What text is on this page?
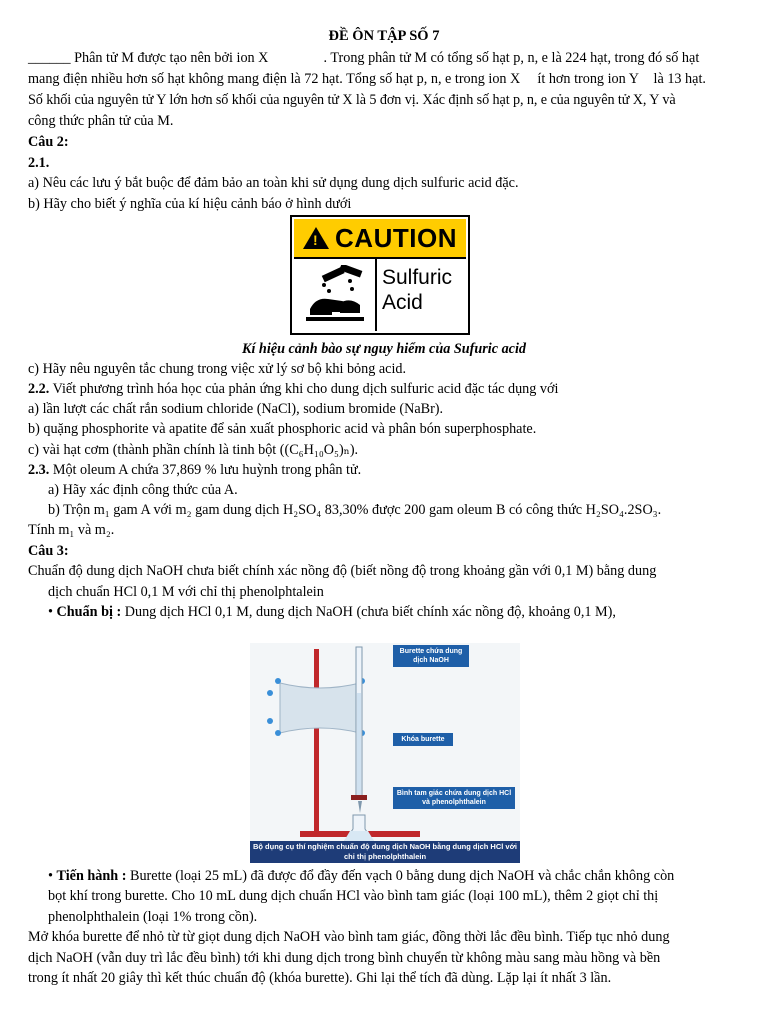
ĐỀ ÔN TẬP SỐ 7
______ Phân tử M được tạo nên bởi ion X	. Trong phân tử M có tổng số hạt p, n, e là 224 hạt, trong đó số hạt
mang điện nhiều hơn số hạt không mang điện là 72 hạt. Tổng số hạt p, n, e trong ion X ít hơn trong ion Y là 13 hạt.
Số khối của nguyên tử Y lớn hơn số khối của nguyên tử X là 5 đơn vị. Xác định số hạt p, n, e của nguyên tử X, Y và
công thức phân tử của M.
Câu 2:
2.1.
a) Nêu các lưu ý bắt buộc để đảm bảo an toàn khi sử dụng dung dịch sulfuric acid đặc.
b) Hãy cho biết ý nghĩa của kí hiệu cảnh báo ở hình dưới
! CAUTION
Sulfuric
Acid
Kí hiệu cảnh bào sự nguy hiểm của Sufuric acid
c) Hãy nêu nguyên tắc chung trong việc xử lý sơ bộ khi bỏng acid.
2.2. Viết phương trình hóa học của phản ứng khi cho dung dịch sulfuric acid đặc tác dụng với
a) lần lượt các chất rắn sodium chloride (NaCl), sodium bromide (NaBr).
b) quặng phosphorite và apatite để sản xuất phosphoric acid và phân bón superphosphate.
c) vài hạt cơm (thành phần chính là tinh bột ((C₆H₁₀O₅)ₙ).
2.3. Một oleum A chứa 37,869 % lưu huỳnh trong phân tử.
a) Hãy xác định công thức của A.
b) Trộn m₁ gam A với m₂ gam dung dịch H₂SO₄ 83,30% được 200 gam oleum B có công thức H₂SO₄.2SO₃.
Tính m₁ và m₂.
Câu 3:
Chuẩn độ dung dịch NaOH chưa biết chính xác nồng độ (biết nồng độ trong khoảng gần với 0,1 M) bằng dung
dịch chuẩn HCl 0,1 M với chỉ thị phenolphtalein
• Chuẩn bị : Dung dịch HCl 0,1 M, dung dịch NaOH (chưa biết chính xác nồng độ, khoảng 0,1 M),
Burette chứa dung dịch NaOH
Khóa burette
Bình tam giác chứa dung dịch HCl và phenolphthalein
Bộ dụng cụ thí nghiệm chuẩn độ dung dịch NaOH bằng dung dịch HCl với chỉ thị phenolphthalein
• Tiến hành : Burette (loại 25 mL) đã được đổ đầy đến vạch 0 bằng dung dịch NaOH và chắc chắn không còn
bọt khí trong burette. Cho 10 mL dung dịch chuẩn HCl vào bình tam giác (loại 100 mL), thêm 2 giọt chỉ thị
phenolphthalein (loại 1% trong cồn).
Mở khóa burette để nhỏ từ từ giọt dung dịch NaOH vào bình tam giác, đồng thời lắc đều bình. Tiếp tục nhỏ dung
dịch NaOH (vẫn duy trì lắc đều bình) tới khi dung dịch trong bình chuyển từ không màu sang màu hồng và bền
trong ít nhất 20 giây thì kết thúc chuẩn độ (khóa burette). Ghi lại thể tích đã dùng. Lặp lại ít nhất 3 lần.
